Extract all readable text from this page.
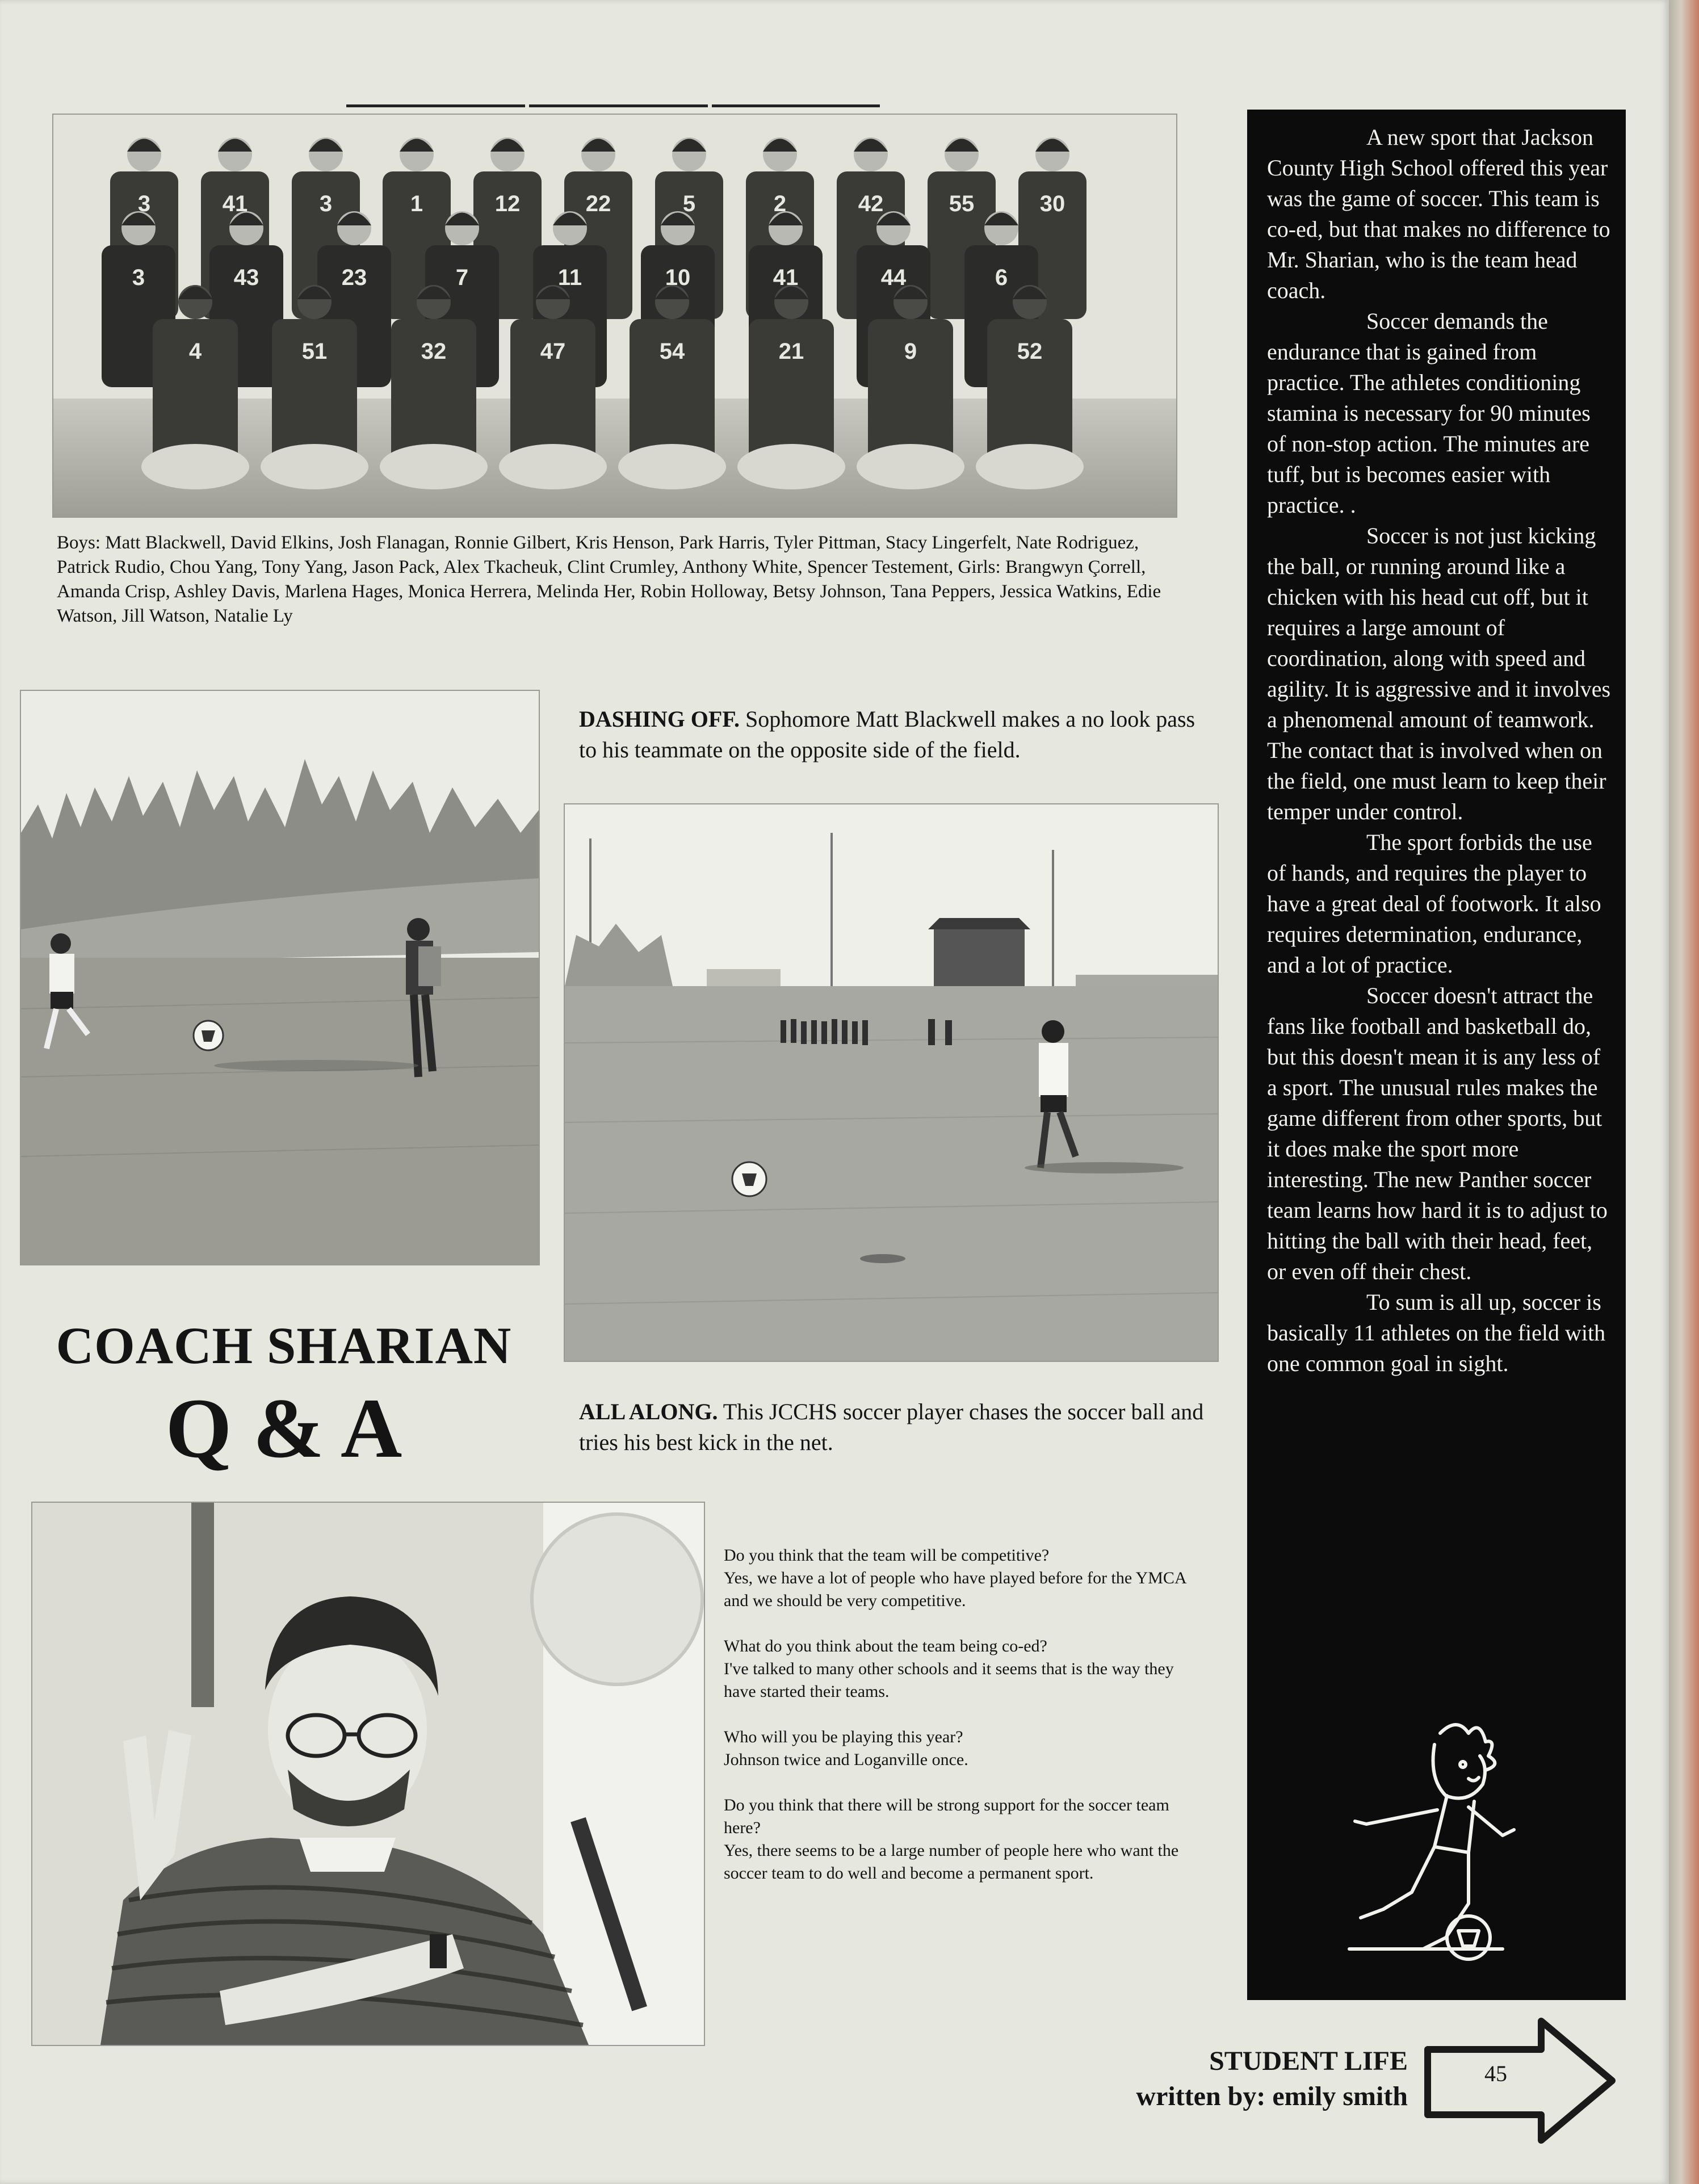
3	41	3	1	12	22	5	2	42	55	30
3	43	23	7	11	10	41	44	6
4	51	32	47	54	21	9	52
Boys: Matt Blackwell, David Elkins, Josh Flanagan, Ronnie Gilbert, Kris Henson, Park Harris, Tyler Pittman, Stacy Lingerfelt, Nate Rodriguez, Patrick Rudio, Chou Yang, Tony Yang, Jason Pack, Alex Tkacheuk, Clint Crumley, Anthony White, Spencer Testement, Girls: Brangwyn Çorrell, Amanda Crisp, Ashley Davis, Marlena Hages, Monica Herrera, Melinda Her, Robin Holloway, Betsy Johnson, Tana Peppers, Jessica Watkins, Edie Watson, Jill Watson, Natalie Ly
DASHING OFF. Sophomore Matt Blackwell makes a no look pass to his teammate on the opposite side of the field.
COACH SHARIAN
Q & A	ALL ALONG. This JCCHS soccer player chases the soccer ball and tries his best kick in the net.

Do you think that the team will be competitive?
Yes, we have a lot of people who have played before for the YMCA and we should be very competitive.

What do you think about the team being co-ed?
I've talked to many other schools and it seems that is the way they have started their teams.

Who will you be playing this year?
Johnson twice and Loganville once.

Do you think that there will be strong support for the soccer team here?
Yes, there seems to be a large number of people here who want the soccer team to do well and become a permanent sport.

A new sport that Jackson County High School offered this year was the game of soccer. This team is co-ed, but that makes no difference to Mr. Sharian, who is the team head coach.

Soccer demands the endurance that is gained from practice. The athletes conditioning stamina is necessary for 90 minutes of non-stop action. The minutes are tuff, but is becomes easier with practice. .

Soccer is not just kicking the ball, or running around like a chicken with his head cut off, but it requires a large amount of coordination, along with speed and agility. It is aggressive and it involves a phenomenal amount of teamwork. The contact that is involved when on the field, one must learn to keep their temper under control.

The sport forbids the use of hands, and requires the player to have a great deal of footwork. It also requires determination, endurance, and a lot of practice.

Soccer doesn't attract the fans like football and basketball do, but this doesn't mean it is any less of a sport. The unusual rules makes the game different from other sports, but it does make the sport more interesting. The new Panther soccer team learns how hard it is to adjust to hitting the ball with their head, feet, or even off their chest.

To sum is all up, soccer is basically 11 athletes on the field with one common goal in sight.

STUDENT LIFE
written by: emily smith
45
